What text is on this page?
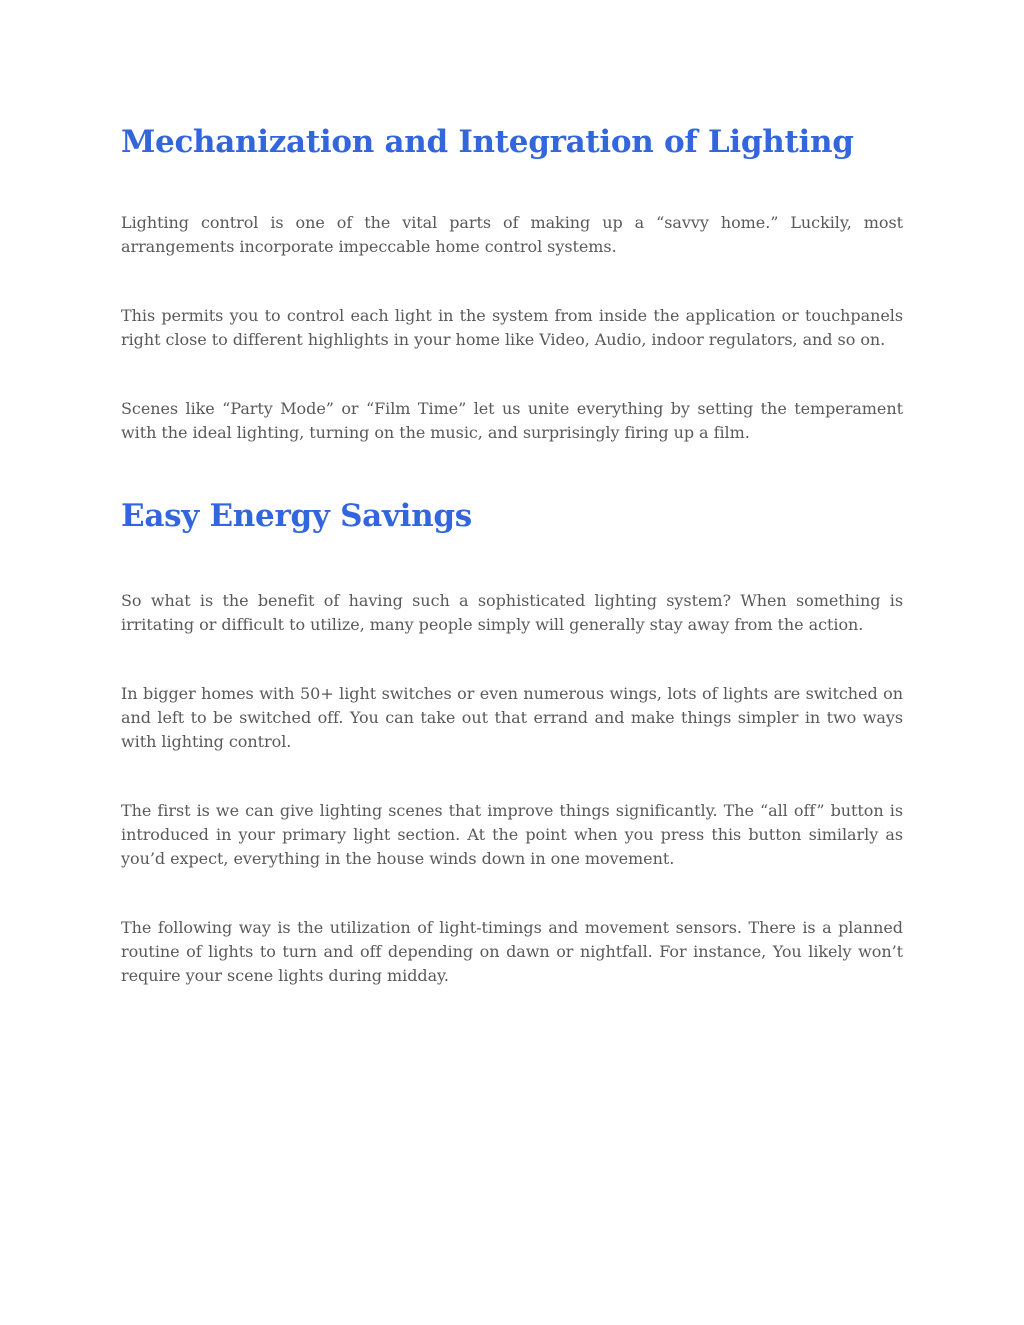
Mechanization and Integration of Lighting

Lighting control is one of the vital parts of making up a “savvy home.” Luckily, most arrangements incorporate impeccable home control systems.

This permits you to control each light in the system from inside the application or touchpanels right close to different highlights in your home like Video, Audio, indoor regulators, and so on.

Scenes like “Party Mode” or “Film Time” let us unite everything by setting the temperament with the ideal lighting, turning on the music, and surprisingly firing up a film.

Easy Energy Savings

So what is the benefit of having such a sophisticated lighting system? When something is irritating or difficult to utilize, many people simply will generally stay away from the action.

In bigger homes with 50+ light switches or even numerous wings, lots of lights are switched on and left to be switched off. You can take out that errand and make things simpler in two ways with lighting control.

The first is we can give lighting scenes that improve things significantly. The “all off” button is introduced in your primary light section. At the point when you press this button similarly as you’d expect, everything in the house winds down in one movement.

The following way is the utilization of light-timings and movement sensors. There is a planned routine of lights to turn and off depending on dawn or nightfall. For instance, You likely won’t require your scene lights during midday.
